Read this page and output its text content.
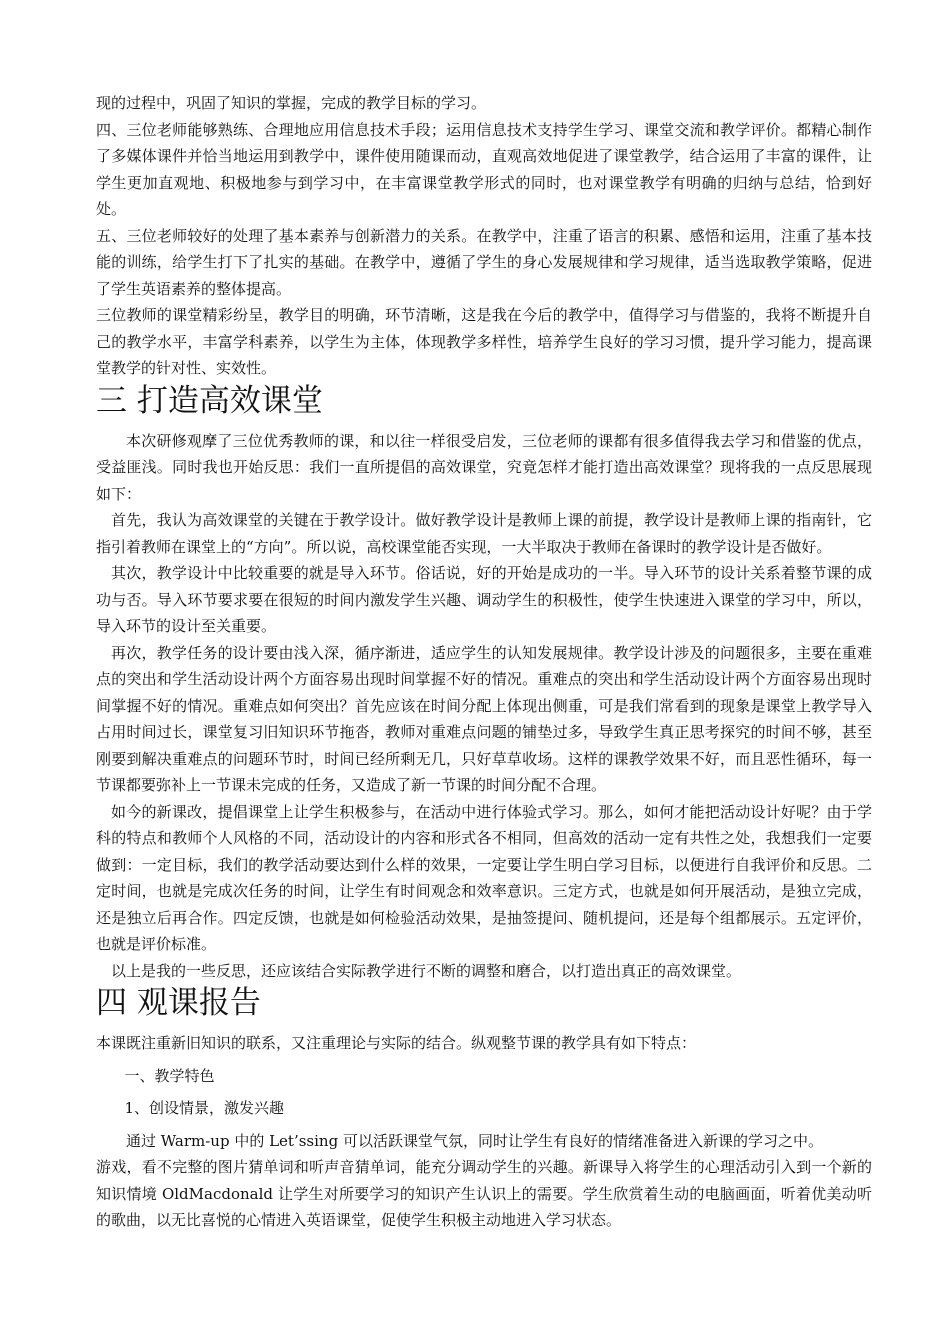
现的过程中，巩固了知识的掌握，完成的教学目标的学习。

四、三位老师能够熟练、合理地应用信息技术手段；运用信息技术支持学生学习、课堂交流和教学评价。都精心制作了多媒体课件并恰当地运用到教学中，课件使用随课而动，直观高效地促进了课堂教学，结合运用了丰富的课件，让学生更加直观地、积极地参与到学习中，在丰富课堂教学形式的同时，也对课堂教学有明确的归纳与总结，恰到好处。

五、三位老师较好的处理了基本素养与创新潜力的关系。在教学中，注重了语言的积累、感悟和运用，注重了基本技能的训练，给学生打下了扎实的基础。在教学中，遵循了学生的身心发展规律和学习规律，适当选取教学策略，促进了学生英语素养的整体提高。

三位教师的课堂精彩纷呈，教学目的明确，环节清晰，这是我在今后的教学中，值得学习与借鉴的，我将不断提升自己的教学水平，丰富学科素养，以学生为主体，体现教学多样性，培养学生良好的学习习惯，提升学习能力，提高课堂教学的针对性、实效性。

三 打造高效课堂

本次研修观摩了三位优秀教师的课，和以往一样很受启发，三位老师的课都有很多值得我去学习和借鉴的优点，受益匪浅。同时我也开始反思：我们一直所提倡的高效课堂，究竟怎样才能打造出高效课堂？现将我的一点反思展现如下：

首先，我认为高效课堂的关键在于教学设计。做好教学设计是教师上课的前提，教学设计是教师上课的指南针，它指引着教师在课堂上的“方向”。所以说，高校课堂能否实现，一大半取决于教师在备课时的教学设计是否做好。

其次，教学设计中比较重要的就是导入环节。俗话说，好的开始是成功的一半。导入环节的设计关系着整节课的成功与否。导入环节要求要在很短的时间内激发学生兴趣、调动学生的积极性，使学生快速进入课堂的学习中，所以，导入环节的设计至关重要。

再次，教学任务的设计要由浅入深，循序渐进，适应学生的认知发展规律。教学设计涉及的问题很多，主要在重难点的突出和学生活动设计两个方面容易出现时间掌握不好的情况。重难点的突出和学生活动设计两个方面容易出现时间掌握不好的情况。重难点如何突出？首先应该在时间分配上体现出侧重，可是我们常看到的现象是课堂上教学导入占用时间过长，课堂复习旧知识环节拖沓，教师对重难点问题的铺垫过多，导致学生真正思考探究的时间不够，甚至刚要到解决重难点的问题环节时，时间已经所剩无几，只好草草收场。这样的课教学效果不好，而且恶性循环，每一节课都要弥补上一节课未完成的任务，又造成了新一节课的时间分配不合理。

如今的新课改，提倡课堂上让学生积极参与，在活动中进行体验式学习。那么，如何才能把活动设计好呢？由于学科的特点和教师个人风格的不同，活动设计的内容和形式各不相同，但高效的活动一定有共性之处，我想我们一定要做到：一定目标，我们的教学活动要达到什么样的效果，一定要让学生明白学习目标，以便进行自我评价和反思。二定时间，也就是完成次任务的时间，让学生有时间观念和效率意识。三定方式，也就是如何开展活动，是独立完成，还是独立后再合作。四定反馈，也就是如何检验活动效果，是抽签提问、随机提问，还是每个组都展示。五定评价，也就是评价标准。

以上是我的一些反思，还应该结合实际教学进行不断的调整和磨合，以打造出真正的高效课堂。

四 观课报告

本课既注重新旧知识的联系，又注重理论与实际的结合。纵观整节课的教学具有如下特点：

一、教学特色

1、创设情景，激发兴趣

通过 Warm-up 中的 Let’ssing 可以活跃课堂气氛，同时让学生有良好的情绪准备进入新课的学习之中。

游戏，看不完整的图片猜单词和听声音猜单词，能充分调动学生的兴趣。新课导入将学生的心理活动引入到一个新的知识情境 OldMacdonald 让学生对所要学习的知识产生认识上的需要。学生欣赏着生动的电脑画面，听着优美动听的歌曲，以无比喜悦的心情进入英语课堂，促使学生积极主动地进入学习状态。
